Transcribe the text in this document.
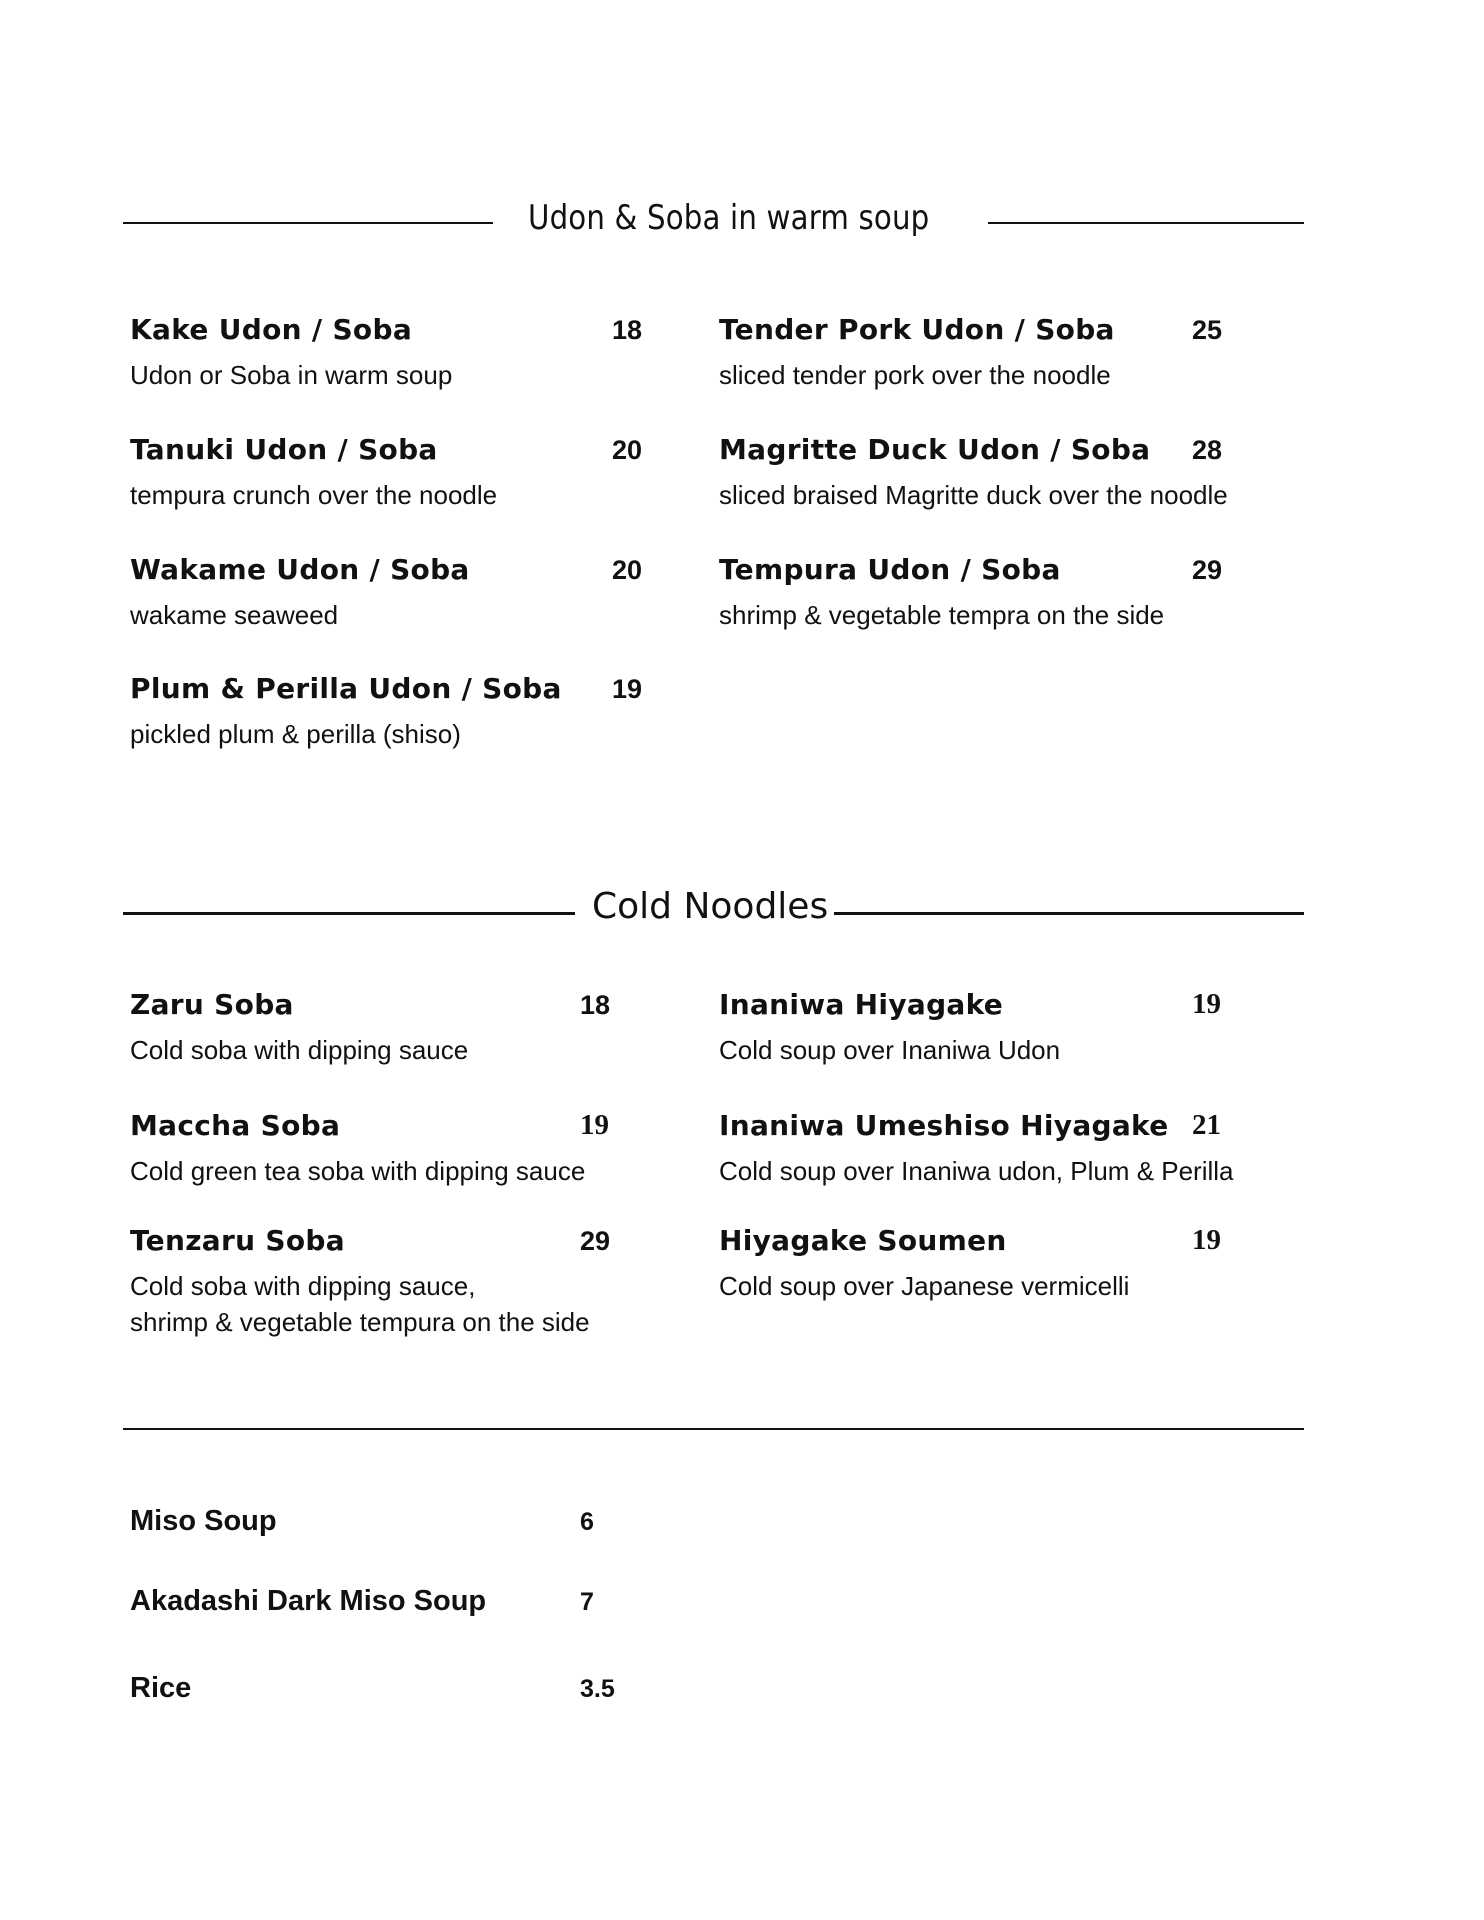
Udon & Soba in warm soup
Kake Udon / Soba	18
Udon or Soba in warm soup
Tanuki Udon / Soba	20
tempura crunch over the noodle
Wakame Udon / Soba	20
wakame seaweed
Plum & Perilla Udon / Soba 19
pickled plum & perilla (shiso)
Tender Pork Udon / Soba	25
sliced tender pork over the noodle
Magritte Duck Udon / Soba 28
sliced braised Magritte duck over the noodle
Tempura Udon / Soba	29
shrimp & vegetable tempra on the side
Cold Noodles
Zaru Soba	18
Cold soba with dipping sauce
Maccha Soba	19
Cold green tea soba with dipping sauce
Tenzaru Soba	29
Cold soba with dipping sauce,
shrimp & vegetable tempura on the side
Inaniwa Hiyagake	19
Cold soup over Inaniwa Udon
Inaniwa Umeshiso Hiyagake 21
Cold soup over Inaniwa udon, Plum & Perilla
Hiyagake Soumen	19
Cold soup over Japanese vermicelli
Miso Soup	6
Akadashi Dark Miso Soup	7
Rice	3.5
